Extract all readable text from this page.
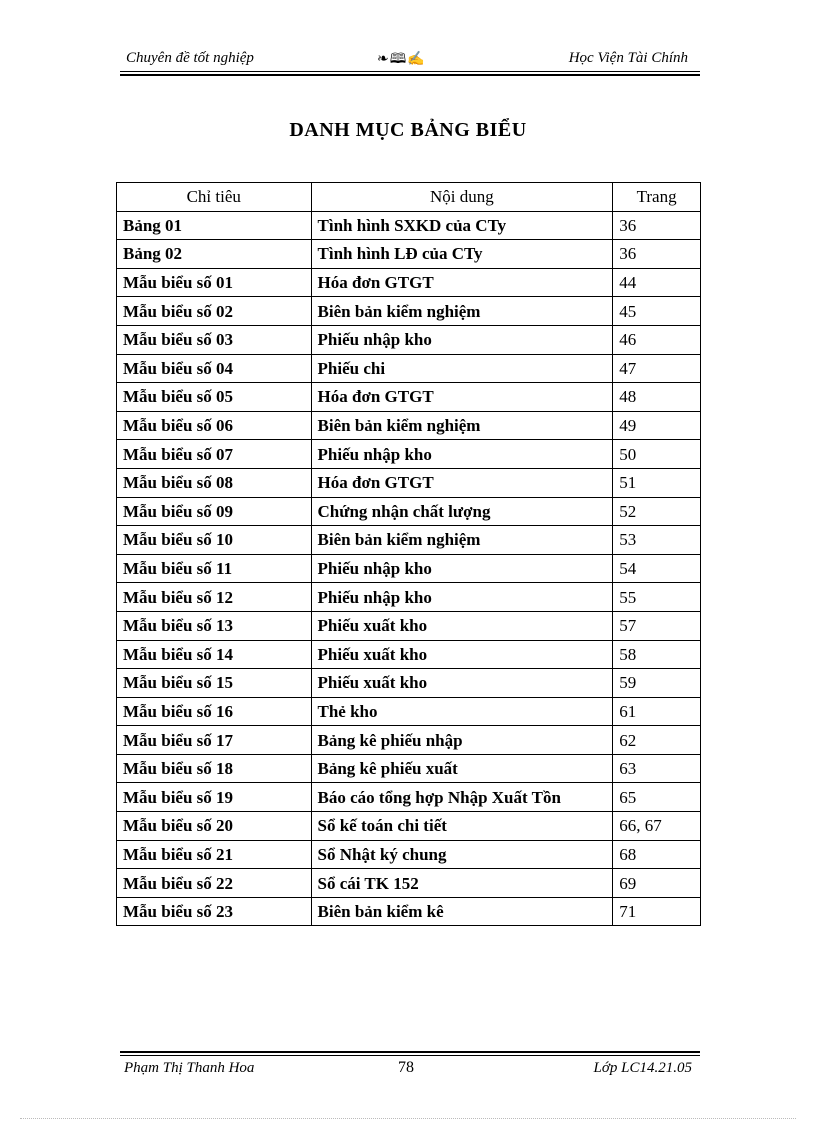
Chuyên đề tốt nghiệp	❧🕮✍	Học Viện Tài Chính
DANH MỤC BẢNG BIỂU
Chỉ tiêu	Nội dung	Trang
Bảng 01	Tình hình SXKD của CTy	36
Bảng 02	Tình hình LĐ của CTy	36
Mẫu biểu số 01	Hóa đơn GTGT	44
Mẫu biểu số 02	Biên bản kiểm nghiệm	45
Mẫu biểu số 03	Phiếu nhập kho	46
Mẫu biểu số 04	Phiếu chi	47
Mẫu biểu số 05	Hóa đơn GTGT	48
Mẫu biểu số 06	Biên bản kiểm nghiệm	49
Mẫu biểu số 07	Phiếu nhập kho	50
Mẫu biểu số 08	Hóa đơn GTGT	51
Mẫu biểu số 09	Chứng nhận chất lượng	52
Mẫu biểu số 10	Biên bản kiểm nghiệm	53
Mẫu biểu số 11	Phiếu nhập kho	54
Mẫu biểu số 12	Phiếu nhập kho	55
Mẫu biểu số 13	Phiếu xuất kho	57
Mẫu biểu số 14	Phiếu xuất kho	58
Mẫu biểu số 15	Phiếu xuất kho	59
Mẫu biểu số 16	Thẻ kho	61
Mẫu biểu số 17	Bảng kê phiếu nhập	62
Mẫu biểu số 18	Bảng kê phiếu xuất	63
Mẫu biểu số 19	Báo cáo tổng hợp Nhập Xuất Tồn	65
Mẫu biểu số 20	Sổ kế toán chi tiết	66, 67
Mẫu biểu số 21	Sổ Nhật ký chung	68
Mẫu biểu số 22	Sổ cái TK 152	69
Mẫu biểu số 23	Biên bản kiểm kê	71
Phạm Thị Thanh Hoa	78	Lớp LC14.21.05
